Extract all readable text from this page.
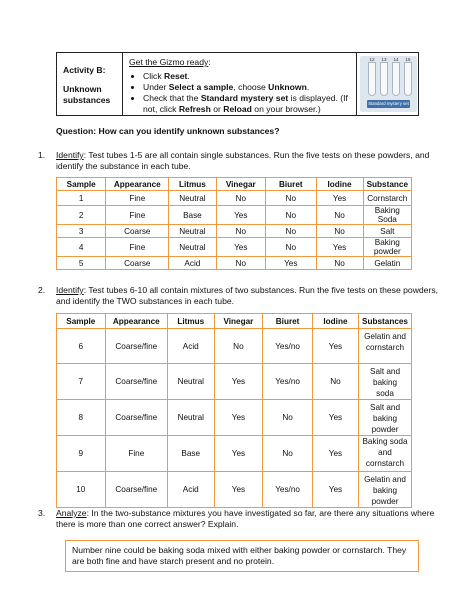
Activity B:
Unknown
substances
Get the Gizmo ready:
• Click Reset.
• Under Select a sample, choose Unknown.
• Check that the Standard mystery set is displayed. (If not, click Refresh or Reload on your browser.)
12	13	14	15
Standard mystery set
Question: How can you identify unknown substances?
1.	Identify: Test tubes 1-5 are all contain single substances. Run the five tests on these powders, and identify the substance in each tube.
Sample	Appearance	Litmus	Vinegar	Biuret	Iodine	Substance
1	Fine	Neutral	No	No	Yes	Cornstarch
2	Fine	Base	Yes	No	No	Baking Soda
3	Coarse	Neutral	No	No	No	Salt
4	Fine	Neutral	Yes	No	Yes	Baking powder
5	Coarse	Acid	No	Yes	No	Gelatin
2.	Identify: Test tubes 6-10 all contain mixtures of two substances. Run the five tests on these powders, and identify the TWO substances in each tube.
Sample	Appearance	Litmus	Vinegar	Biuret	Iodine	Substances
6	Coarse/fine	Acid	No	Yes/no	Yes	Gelatin and
cornstarch
7	Coarse/fine	Neutral	Yes	Yes/no	No	Salt and baking
soda
8	Coarse/fine	Neutral	Yes	No	Yes	Salt and baking
powder
9	Fine	Base	Yes	No	Yes	Baking soda
and cornstarch
10	Coarse/fine	Acid	Yes	Yes/no	Yes	Gelatin and
baking powder
3.	Analyze: In the two-substance mixtures you have investigated so far, are there any situations where there is more than one correct answer? Explain.
Number nine could be baking soda mixed with either baking powder or cornstarch. They are both fine and have starch present and no protein.
